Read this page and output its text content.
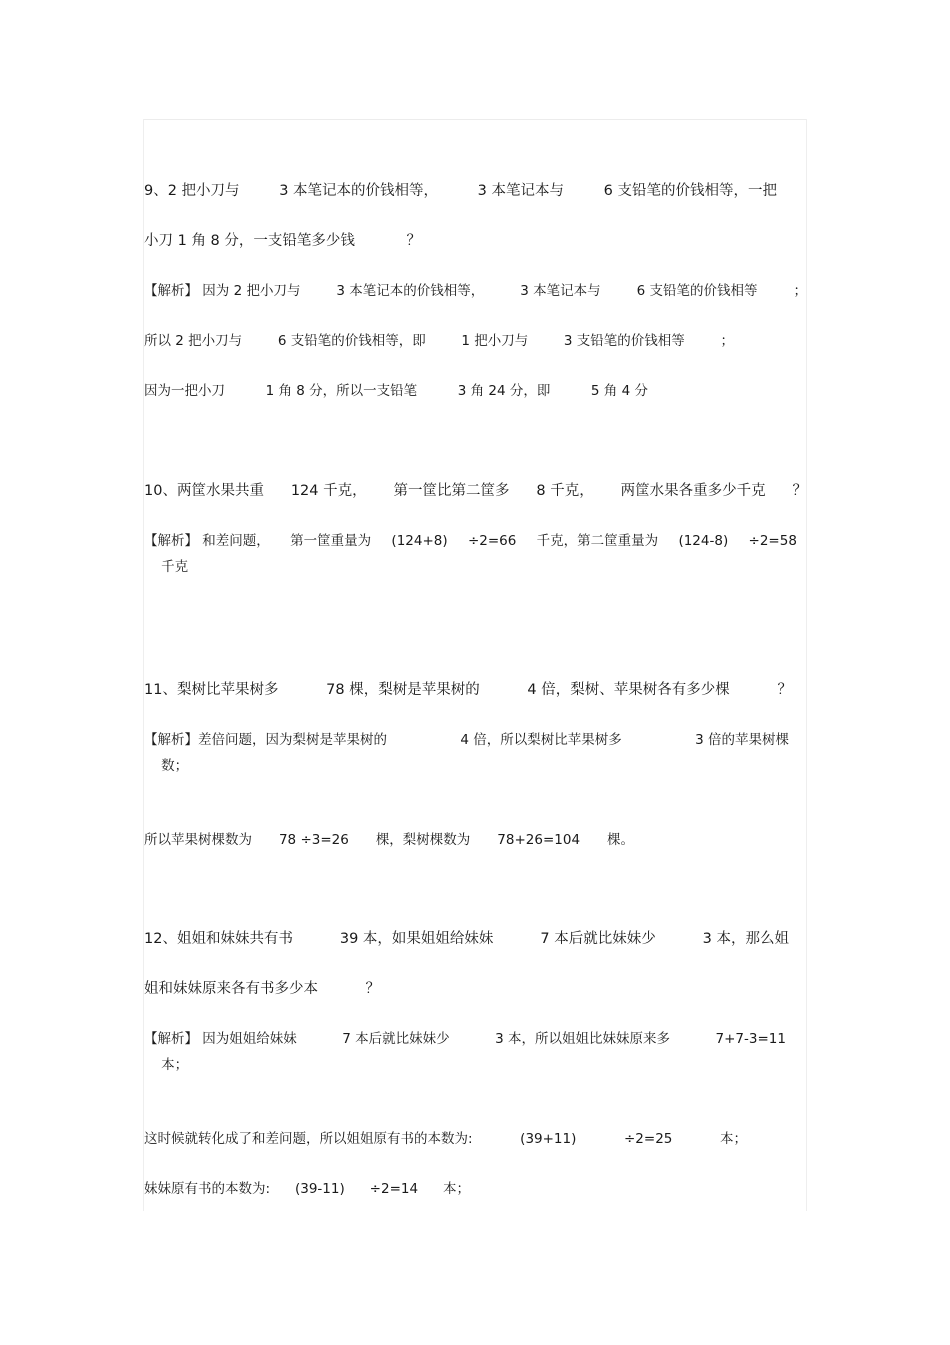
9、2 把小刀与	3 本笔记本的价钱相等，	3 本笔记本与	6 支铅笔的价钱相等，一把

小刀 1 角 8 分，一支铅笔多少钱	？

【解析】 因为 2 把小刀与	3 本笔记本的价钱相等，	3 本笔记本与	6 支铅笔的价钱相等	；

所以 2 把小刀与	6 支铅笔的价钱相等，即	1 把小刀与	3 支铅笔的价钱相等	；

因为一把小刀	1 角 8 分，所以一支铅笔	3 角 24 分，即	5 角 4 分

10、两筐水果共重 124 千克， 第一筐比第二筐多 8 千克， 两筐水果各重多少千克 ？

【解析】 和差问题， 第一筐重量为 (124+8) ÷2=66 千克，第二筐重量为 (124-8) ÷2=58

千克

11、梨树比苹果树多	78 棵，梨树是苹果树的	4 倍，梨树、苹果树各有多少棵	？

【解析】差倍问题，因为梨树是苹果树的	4 倍，所以梨树比苹果树多	3 倍的苹果树棵

数；

所以苹果树棵数为 78 ÷3=26 棵，梨树棵数为 78+26=104 棵。

12、姐姐和妹妹共有书	39 本，如果姐姐给妹妹	7 本后就比妹妹少	3 本，那么姐

姐和妹妹原来各有书多少本	？

【解析】 因为姐姐给妹妹	7 本后就比妹妹少	3 本，所以姐姐比妹妹原来多	7+7-3=11

本；

这时候就转化成了和差问题，所以姐姐原有书的本数为:	(39+11)	÷2=25	本；

妹妹原有书的本数为: (39-11) ÷2=14 本；
